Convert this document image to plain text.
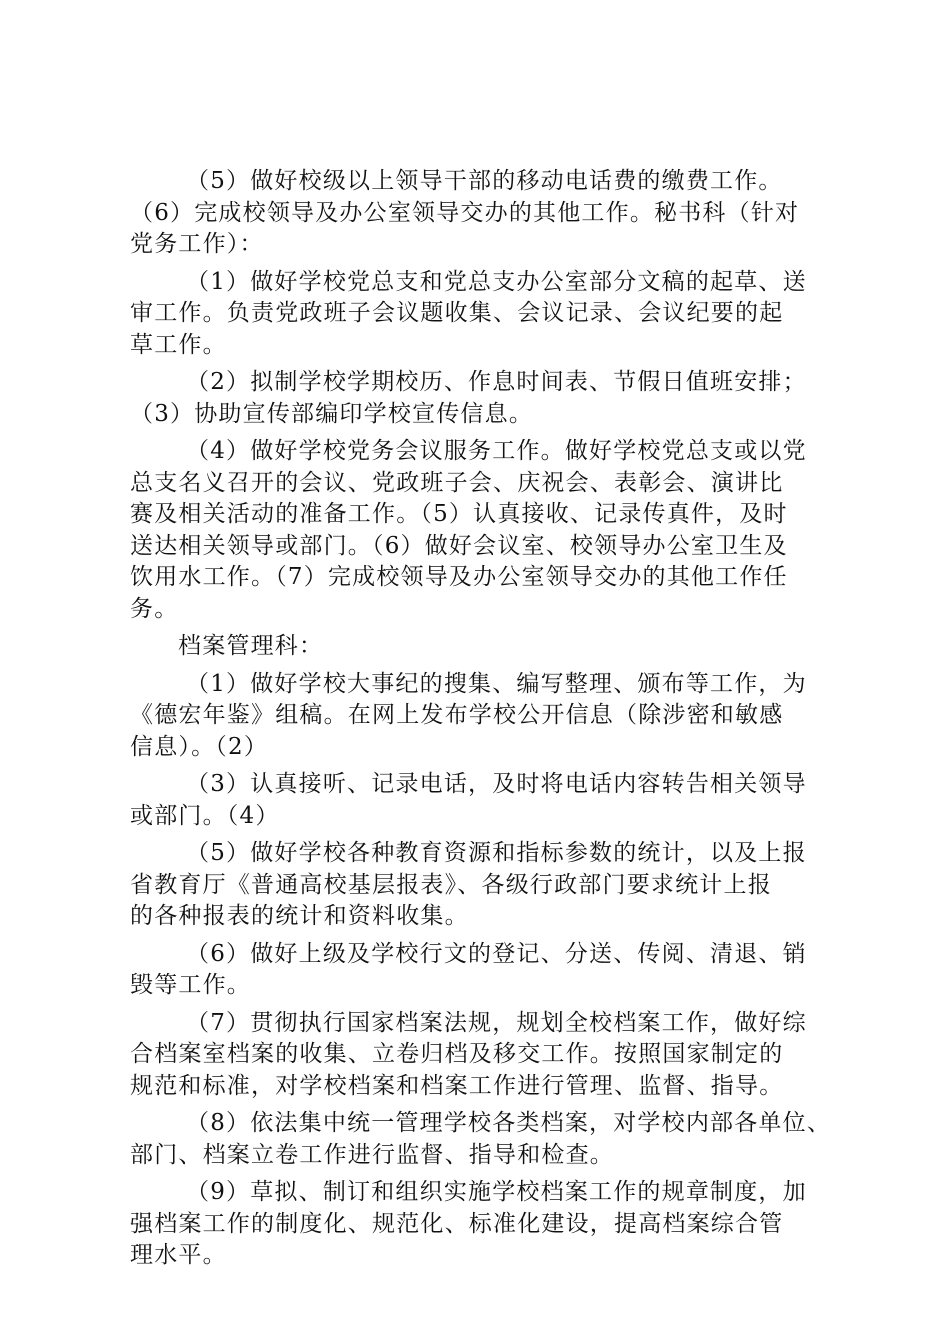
（5）做好校级以上领导干部的移动电话费的缴费工作。

（6）完成校领导及办公室领导交办的其他工作。秘书科（针对

党务工作）：

（1）做好学校党总支和党总支办公室部分文稿的起草、送

审工作。负责党政班子会议题收集、会议记录、会议纪要的起

草工作。

（2）拟制学校学期校历、作息时间表、节假日值班安排；

（3）协助宣传部编印学校宣传信息。

（4）做好学校党务会议服务工作。做好学校党总支或以党

总支名义召开的会议、党政班子会、庆祝会、表彰会、演讲比

赛及相关活动的准备工作。（5）认真接收、记录传真件，及时

送达相关领导或部门。（6）做好会议室、校领导办公室卫生及

饮用水工作。（7）完成校领导及办公室领导交办的其他工作任

务。

档案管理科：

（1）做好学校大事纪的搜集、编写整理、颁布等工作，为

《德宏年鉴》组稿。在网上发布学校公开信息（除涉密和敏感

信息）。（2）

（3）认真接听、记录电话，及时将电话内容转告相关领导

或部门。（4）

（5）做好学校各种教育资源和指标参数的统计，以及上报

省教育厅《普通高校基层报表》、各级行政部门要求统计上报

的各种报表的统计和资料收集。

（6）做好上级及学校行文的登记、分送、传阅、清退、销

毁等工作。

（7）贯彻执行国家档案法规，规划全校档案工作，做好综

合档案室档案的收集、立卷归档及移交工作。按照国家制定的

规范和标准，对学校档案和档案工作进行管理、监督、指导。

（8）依法集中统一管理学校各类档案，对学校内部各单位、

部门、档案立卷工作进行监督、指导和检查。

（9）草拟、制订和组织实施学校档案工作的规章制度，加

强档案工作的制度化、规范化、标准化建设，提高档案综合管

理水平。
